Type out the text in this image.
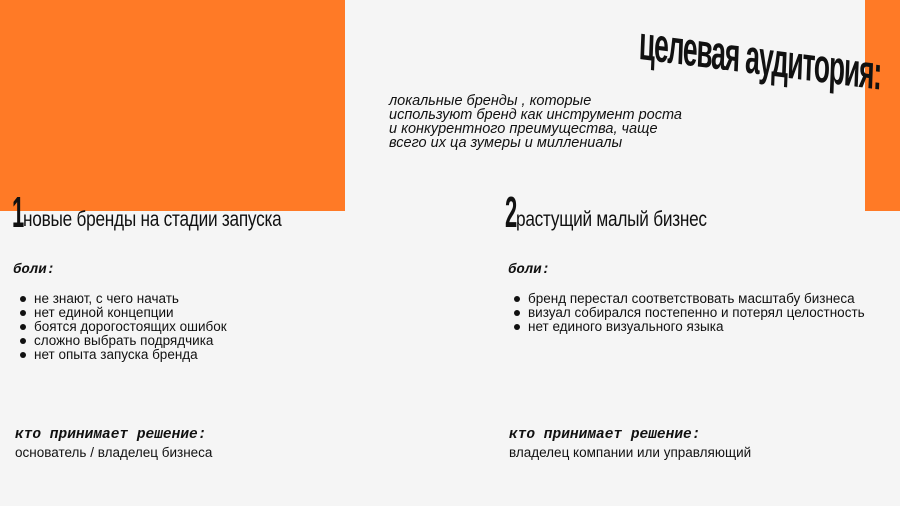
целевая аудитория:
локальные бренды , которые
используют бренд как инструмент роста
и конкурентного преимущества, чаще
всего их ца зумеры и миллениалы
1
новые бренды на стадии запуска
боли:
не знают, с чего начать
нет единой концепции
боятся дорогостоящих ошибок
сложно выбрать подрядчика
нет опыта запуска бренда
кто принимает решение:
основатель / владелец бизнеса
2
растущий малый бизнес
боли:
бренд перестал соответствовать масштабу бизнеса
визуал собирался постепенно и потерял целостность
нет единого визуального языка
кто принимает решение:
владелец компании или управляющий
